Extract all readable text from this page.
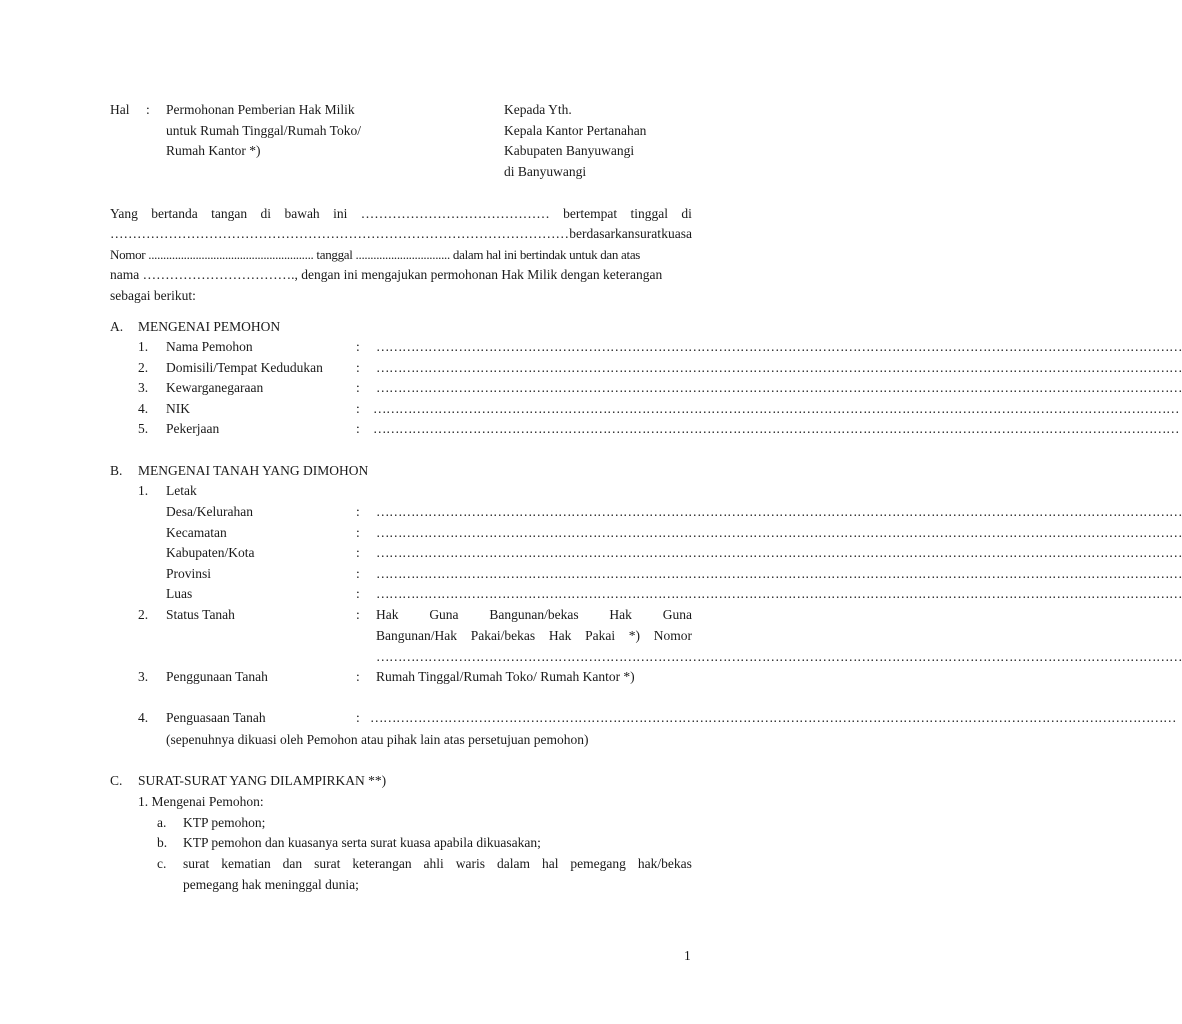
Hal : Permohonan Pemberian Hak Milik
untuk Rumah Tinggal/Rumah Toko/
Rumah Kantor *)
Kepada Yth.
Kepala Kantor Pertanahan
Kabupaten Banyuwangi
di Banyuwangi
Yang bertanda tangan di bawah ini …………………………………… bertempat tinggal di
………………………………………………………………………………………… berdasarkan surat kuasa
Nomor ........................................................ tanggal ................................ dalam hal ini bertindak untuk dan atas
nama ……………………………., dengan ini mengajukan permohonan Hak Milik dengan keterangan
sebagai berikut:
A. MENGENAI PEMOHON
1. Nama Pemohon	: ……………………………………………………………………………………………………………………………………………………………………
2. Domisili/Tempat Kedudukan : ……………………………………………………………………………………………………………………………………………………………………
3. Kewarganegaraan	: ……………………………………………………………………………………………………………………………………………………………………
4. NIK	: ……………………………………………………………………………………………………………………………………………………………………
5. Pekerjaan	: ……………………………………………………………………………………………………………………………………………………………………
B. MENGENAI TANAH YANG DIMOHON
1. Letak
Desa/Kelurahan	: ……………………………………………………………………………………………………………………………………………………………………
Kecamatan	: ……………………………………………………………………………………………………………………………………………………………………
Kabupaten/Kota	: ……………………………………………………………………………………………………………………………………………………………………
Provinsi	: ……………………………………………………………………………………………………………………………………………………………………
Luas	: ……………………………………………………………………………………………………………………………………………………………………
2. Status Tanah	: Hak Guna Bangunan/bekas Hak Guna
Bangunan/Hak Pakai/bekas Hak Pakai *) Nomor
……………………………………………………………………………………………………………………………………………………………………
3. Penggunaan Tanah	: Rumah Tinggal/Rumah Toko/ Rumah Kantor *)
4. Penguasaan Tanah	: ……………………………………………………………………………………………………………………………………………………………………
(sepenuhnya dikuasi oleh Pemohon atau pihak lain atas persetujuan pemohon)
C. SURAT-SURAT YANG DILAMPIRKAN **)
1. Mengenai Pemohon:
a. KTP pemohon;
b. KTP pemohon dan kuasanya serta surat kuasa apabila dikuasakan;
c. surat kematian dan surat keterangan ahli waris dalam hal pemegang hak/bekas
pemegang hak meninggal dunia;
1
